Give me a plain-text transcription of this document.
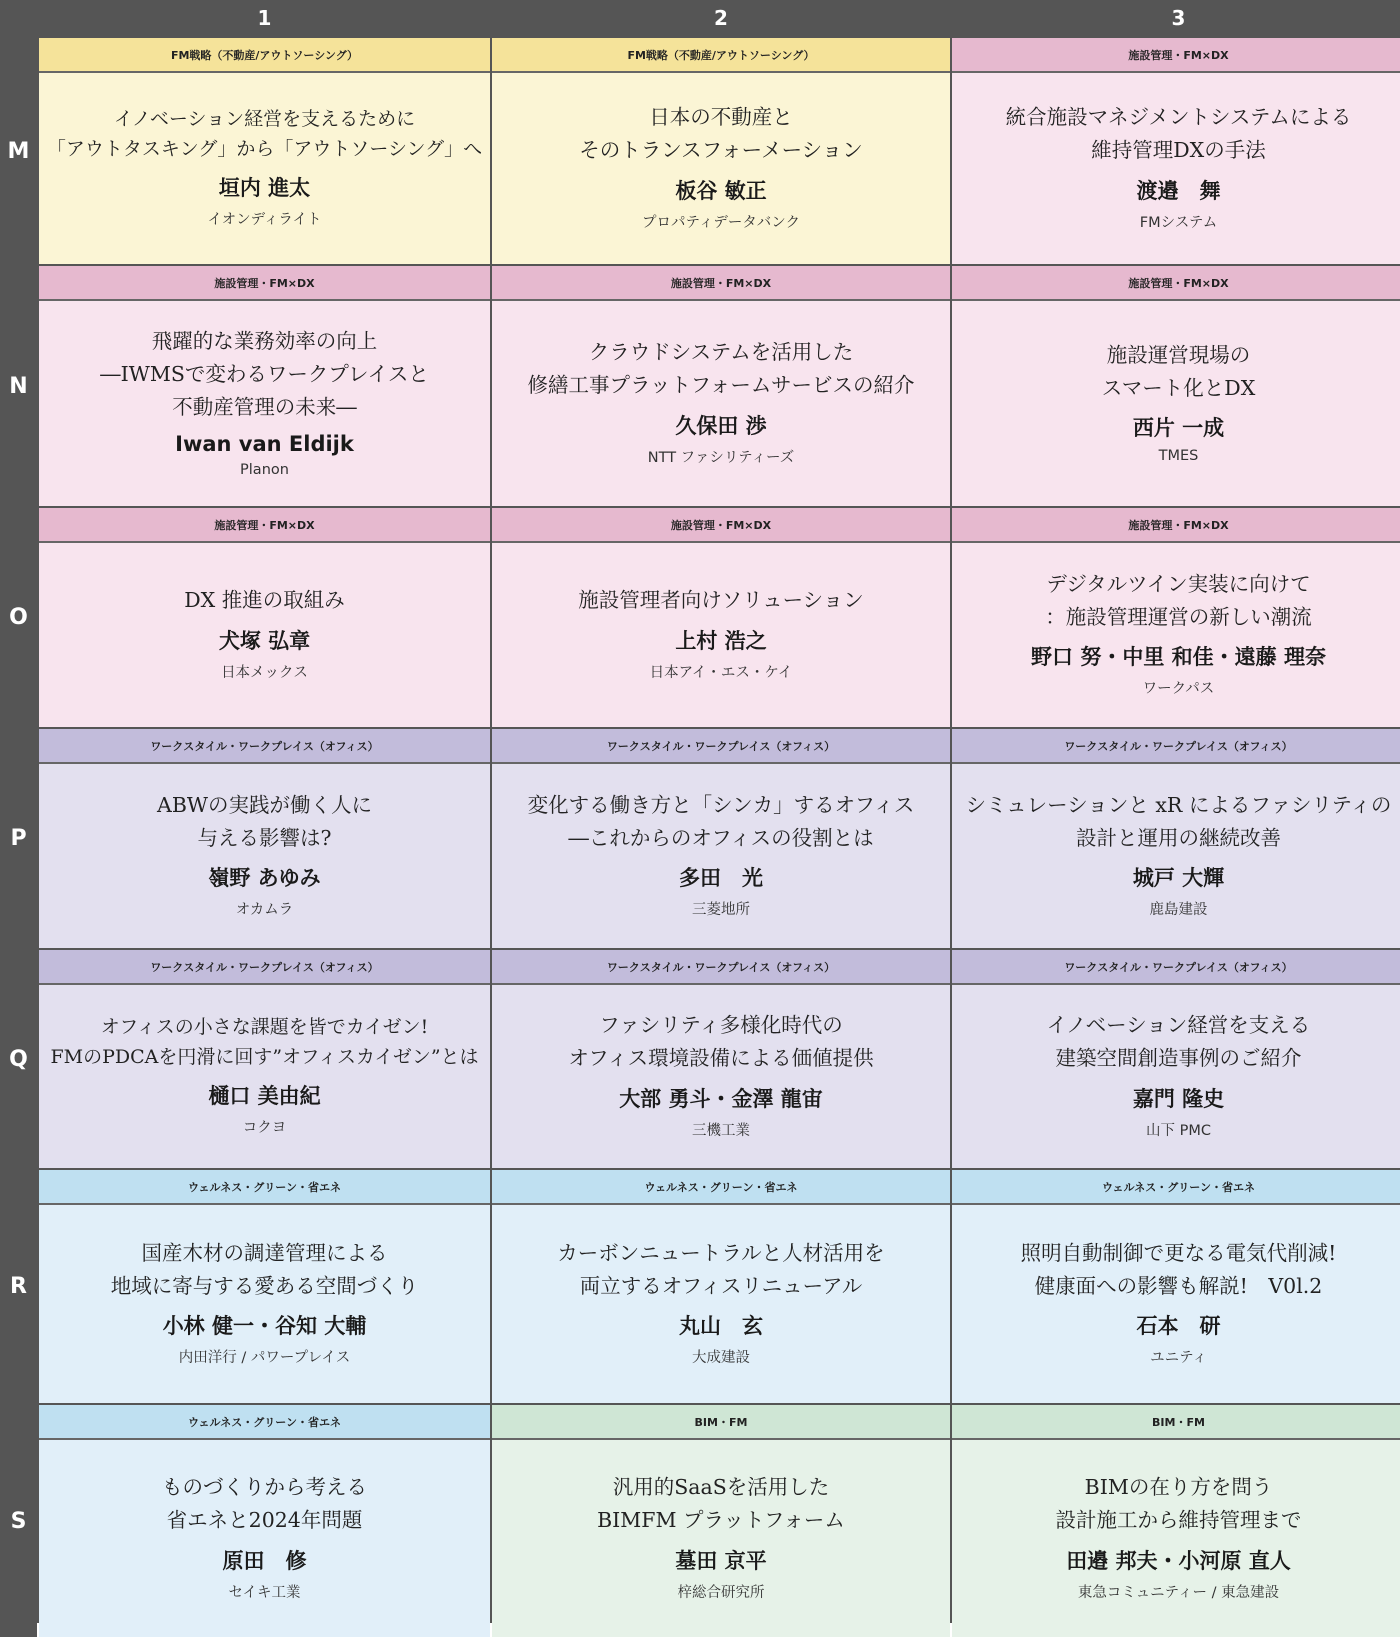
1	2	3
M
FM戦略（不動産/アウトソーシング）
イノベーション経営を支えるために
「アウトタスキング」から「アウトソーシング」へ
垣内 進太
イオンディライト
FM戦略（不動産/アウトソーシング）
日本の不動産と
そのトランスフォーメーション
板谷 敏正
プロパティデータバンク
施設管理・FM×DX
統合施設マネジメントシステムによる
維持管理DXの手法
渡邉　舞
FMシステム
N
施設管理・FM×DX
飛躍的な業務効率の向上
―IWMSで変わるワークプレイスと
不動産管理の未来―
Iwan van Eldijk
Planon
施設管理・FM×DX
クラウドシステムを活用した
修繕工事プラットフォームサービスの紹介
久保田 渉
NTT ファシリティーズ
施設管理・FM×DX
施設運営現場の
スマート化とDX
西片 一成
TMES
O
施設管理・FM×DX
DX 推進の取組み
犬塚 弘章
日本メックス
施設管理・FM×DX
施設管理者向けソリューション
上村 浩之
日本アイ・エス・ケイ
施設管理・FM×DX
デジタルツイン実装に向けて
：施設管理運営の新しい潮流
野口 努・中里 和佳・遠藤 理奈
ワークパス
P
ワークスタイル・ワークプレイス（オフィス）
ABWの実践が働く人に
与える影響は?
嶺野 あゆみ
オカムラ
ワークスタイル・ワークプレイス（オフィス）
変化する働き方と「シンカ」するオフィス
―これからのオフィスの役割とは
多田　光
三菱地所
ワークスタイル・ワークプレイス（オフィス）
シミュレーションと xR によるファシリティの
設計と運用の継続改善
城戸 大輝
鹿島建設
Q
ワークスタイル・ワークプレイス（オフィス）
オフィスの小さな課題を皆でカイゼン!
FMのPDCAを円滑に回す”オフィスカイゼン”とは
樋口 美由紀
コクヨ
ワークスタイル・ワークプレイス（オフィス）
ファシリティ多様化時代の
オフィス環境設備による価値提供
大部 勇斗・金澤 龍宙
三機工業
ワークスタイル・ワークプレイス（オフィス）
イノベーション経営を支える
建築空間創造事例のご紹介
嘉門 隆史
山下 PMC
R
ウェルネス・グリーン・省エネ
国産木材の調達管理による
地域に寄与する愛ある空間づくり
小林 健一・谷知 大輔
内田洋行 / パワープレイス
ウェルネス・グリーン・省エネ
カーボンニュートラルと人材活用を
両立するオフィスリニューアル
丸山　玄
大成建設
ウェルネス・グリーン・省エネ
照明自動制御で更なる電気代削減!
健康面への影響も解説!　V0l.2
石本　研
ユニティ
S
ウェルネス・グリーン・省エネ
ものづくりから考える
省エネと2024年問題
原田　修
セイキ工業
BIM・FM
汎用的SaaSを活用した
BIMFM プラットフォーム
墓田 京平
梓総合研究所
BIM・FM
BIMの在り方を問う
設計施工から維持管理まで
田邉 邦夫・小河原 直人
東急コミュニティー / 東急建設
